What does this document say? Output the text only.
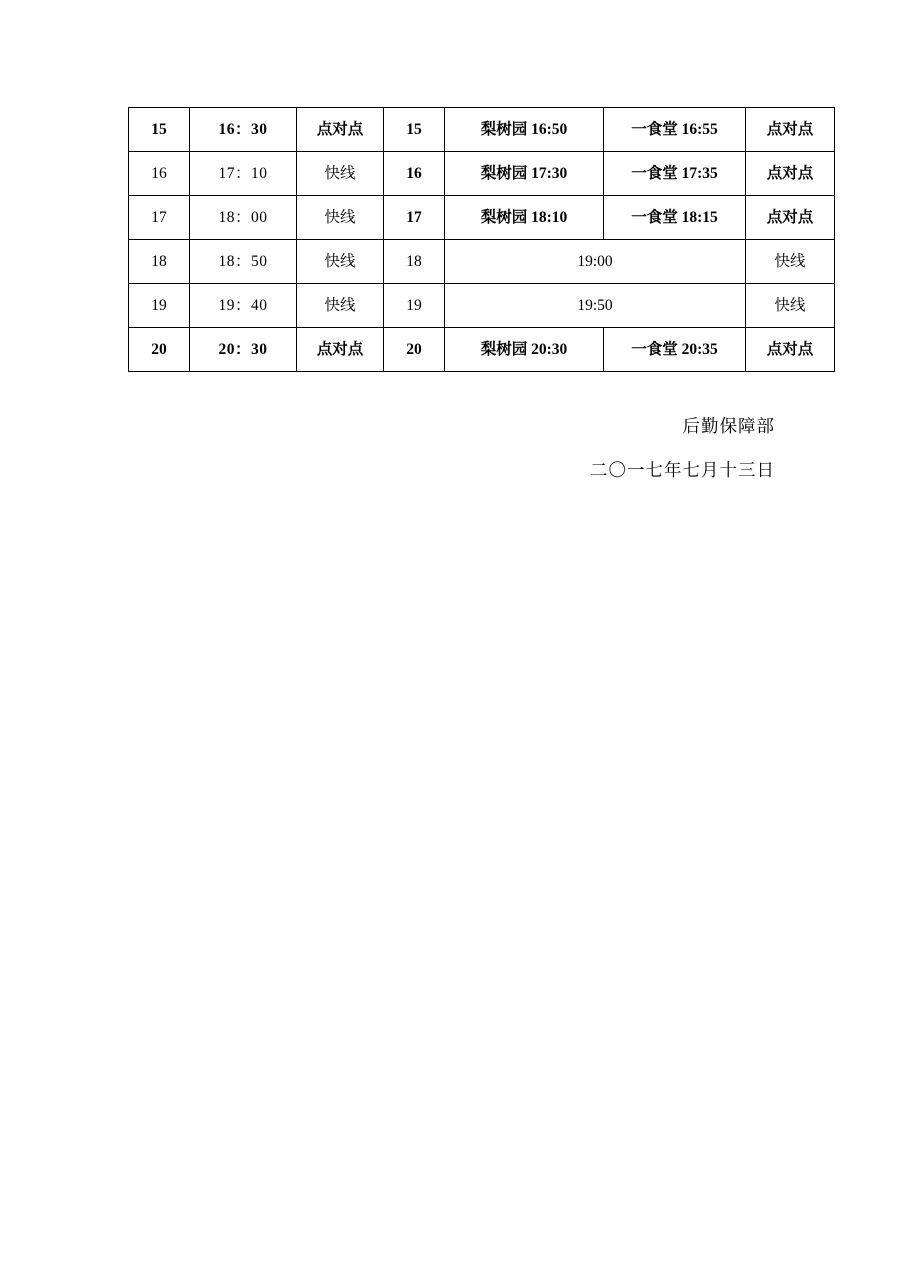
15	16：30	点对点	15	梨树园 16:50	一食堂 16:55	点对点
16	17：10	快线	16	梨树园 17:30	一食堂 17:35	点对点
17	18：00	快线	17	梨树园 18:10	一食堂 18:15	点对点
18	18：50	快线	18	19:00		快线
19	19：40	快线	19	19:50		快线
20	20：30	点对点	20	梨树园 20:30	一食堂 20:35	点对点
后勤保障部
二〇一七年七月十三日
